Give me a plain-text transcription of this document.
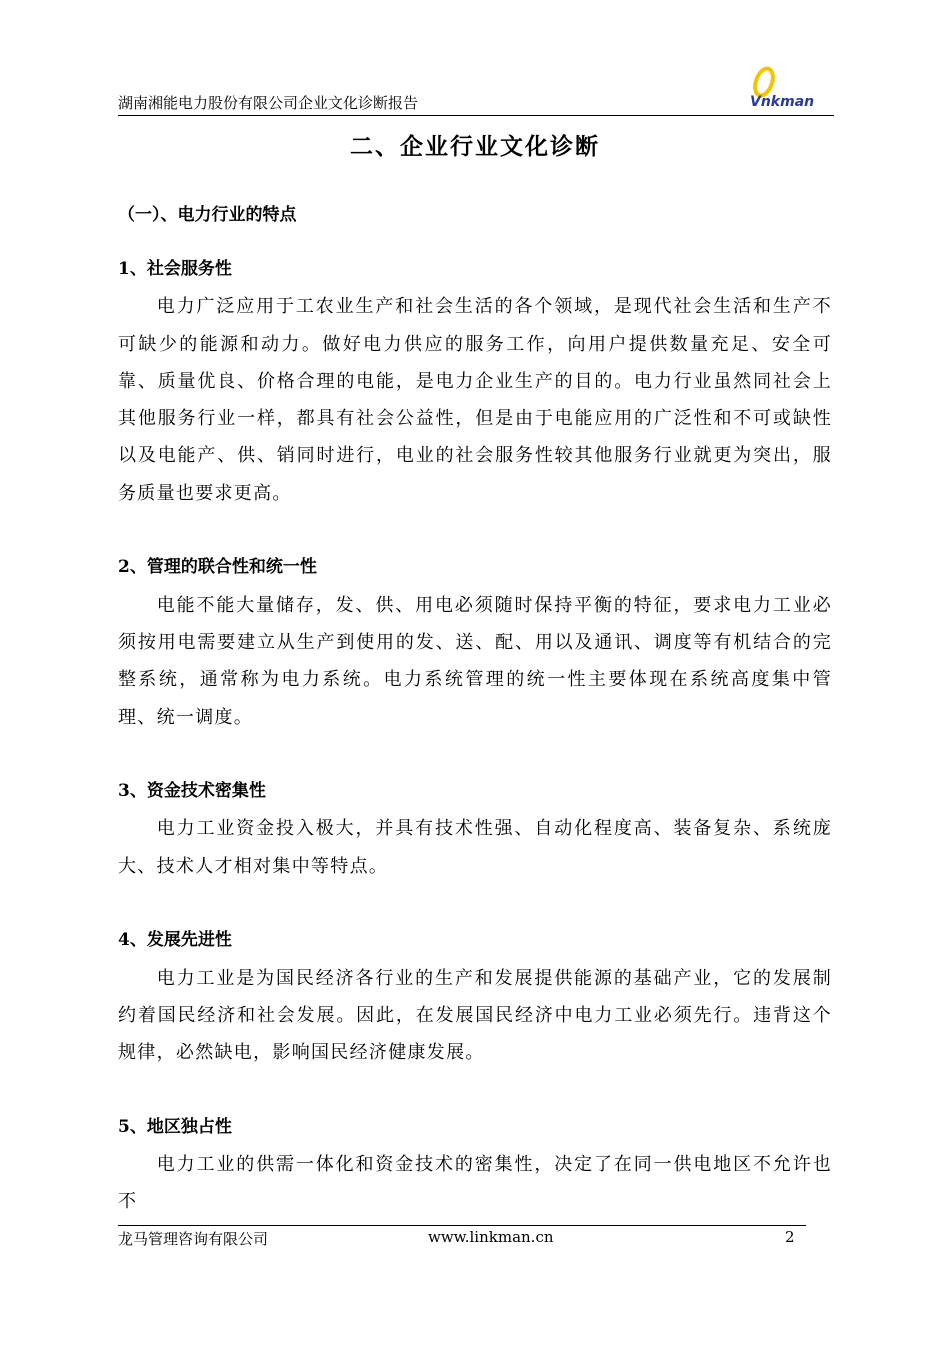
湖南湘能电力股份有限公司企业文化诊断报告	Vnkman
二、企业行业文化诊断
（一）、电力行业的特点

1、社会服务性

电力广泛应用于工农业生产和社会生活的各个领域，是现代社会生活和生产不可缺少的能源和动力。做好电力供应的服务工作，向用户提供数量充足、安全可靠、质量优良、价格合理的电能，是电力企业生产的目的。电力行业虽然同社会上其他服务行业一样，都具有社会公益性，但是由于电能应用的广泛性和不可或缺性以及电能产、供、销同时进行，电业的社会服务性较其他服务行业就更为突出，服务质量也要求更高。

2、管理的联合性和统一性

电能不能大量储存，发、供、用电必须随时保持平衡的特征，要求电力工业必须按用电需要建立从生产到使用的发、送、配、用以及通讯、调度等有机结合的完整系统，通常称为电力系统。电力系统管理的统一性主要体现在系统高度集中管理、统一调度。

3、资金技术密集性

电力工业资金投入极大，并具有技术性强、自动化程度高、装备复杂、系统庞大、技术人才相对集中等特点。

4、发展先进性

电力工业是为国民经济各行业的生产和发展提供能源的基础产业，它的发展制约着国民经济和社会发展。因此，在发展国民经济中电力工业必须先行。违背这个规律，必然缺电，影响国民经济健康发展。

5、地区独占性

电力工业的供需一体化和资金技术的密集性，决定了在同一供电地区不允许也不

龙马管理咨询有限公司	www.linkman.cn	2
